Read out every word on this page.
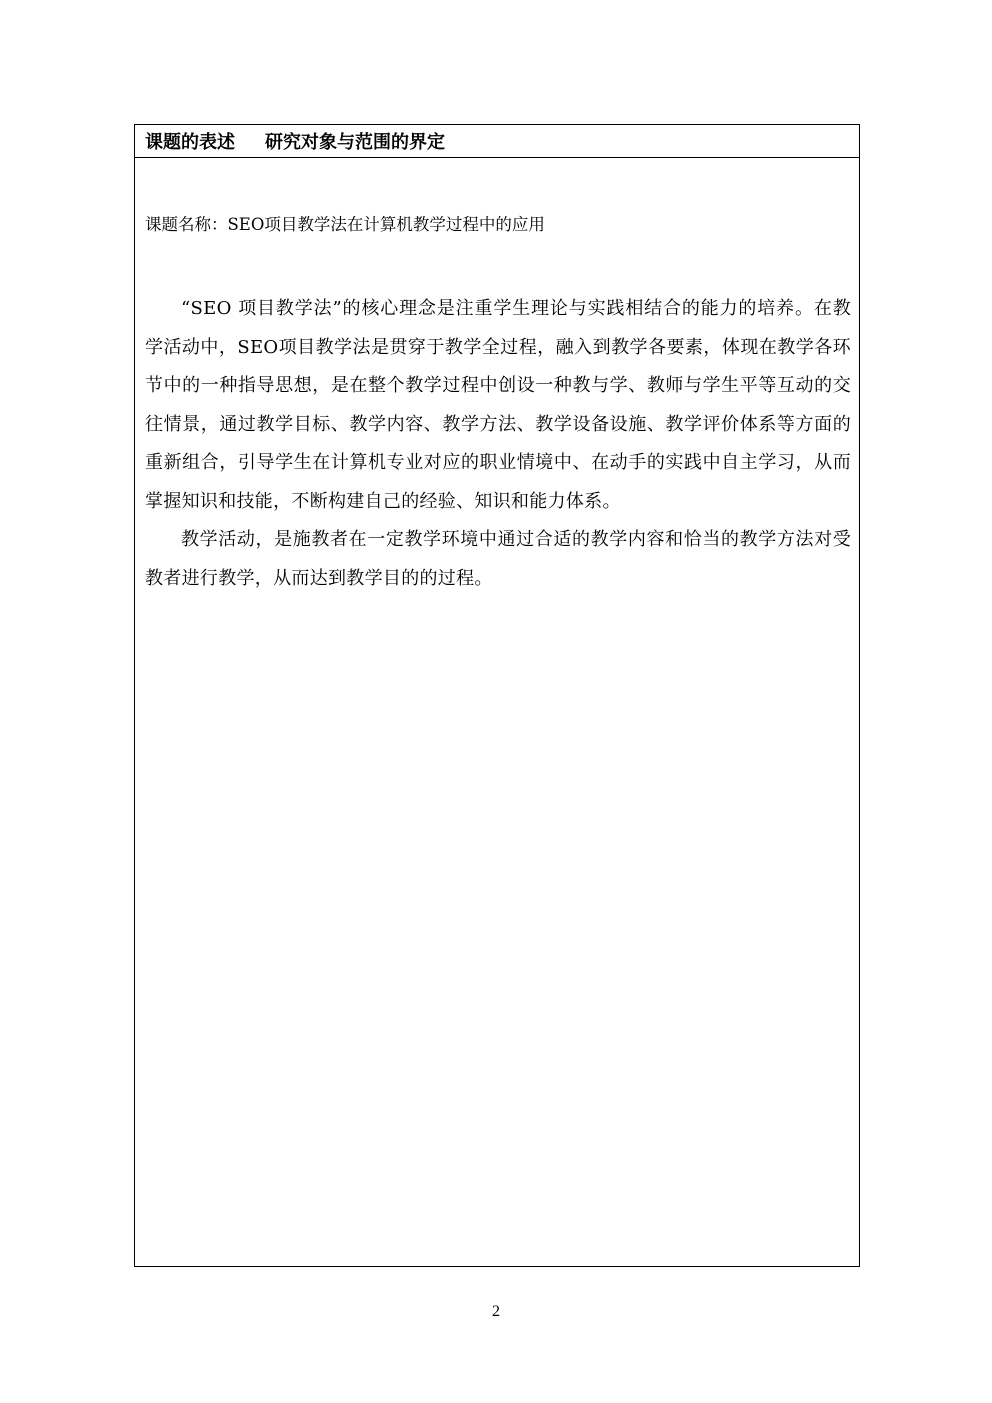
课题的表述 研究对象与范围的界定
课题名称：SEO项目教学法在计算机教学过程中的应用

“SEO 项目教学法”的核心理念是注重学生理论与实践相结合的能力的培养。在教学活动中，SEO项目教学法是贯穿于教学全过程，融入到教学各要素，体现在教学各环节中的一种指导思想，是在整个教学过程中创设一种教与学、教师与学生平等互动的交往情景，通过教学目标、教学内容、教学方法、教学设备设施、教学评价体系等方面的重新组合，引导学生在计算机专业对应的职业情境中、在动手的实践中自主学习，从而掌握知识和技能，不断构建自己的经验、知识和能力体系。

教学活动，是施教者在一定教学环境中通过合适的教学内容和恰当的教学方法对受教者进行教学，从而达到教学目的的过程。

2
